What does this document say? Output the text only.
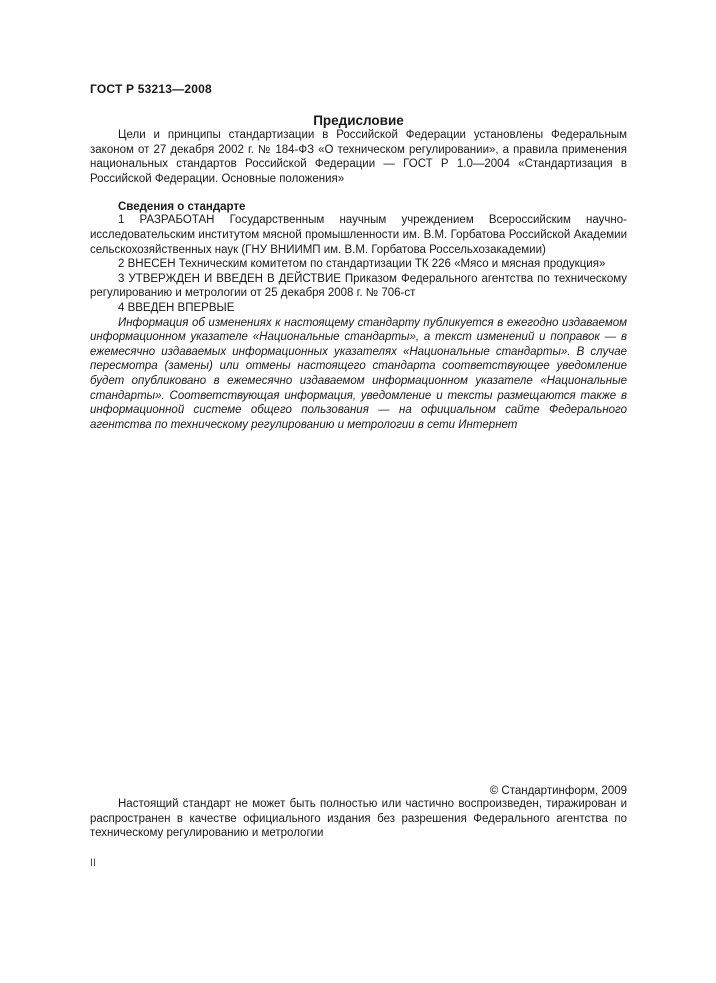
ГОСТ Р 53213—2008
Предисловие

Цели и принципы стандартизации в Российской Федерации установлены Федеральным законом от 27 декабря 2002 г. № 184-ФЗ «О техническом регулировании», а правила применения национальных стандартов Российской Федерации — ГОСТ Р 1.0—2004 «Стандартизация в Российской Федерации. Основные положения»

Сведения о стандарте

1 РАЗРАБОТАН Государственным научным учреждением Всероссийским научно-исследовательским институтом мясной промышленности им. В.М. Горбатова Российской Академии сельскохозяйственных наук (ГНУ ВНИИМП им. В.М. Горбатова Россельхозакадемии)

2 ВНЕСЕН Техническим комитетом по стандартизации ТК 226 «Мясо и мясная продукция»

3 УТВЕРЖДЕН И ВВЕДЕН В ДЕЙСТВИЕ Приказом Федерального агентства по техническому регулированию и метрологии от 25 декабря 2008 г. № 706-ст

4 ВВЕДЕН ВПЕРВЫЕ

Информация об изменениях к настоящему стандарту публикуется в ежегодно издаваемом информационном указателе «Национальные стандарты», а текст изменений и поправок — в ежемесячно издаваемых информационных указателях «Национальные стандарты». В случае пересмотра (замены) или отмены настоящего стандарта соответствующее уведомление будет опубликовано в ежемесячно издаваемом информационном указателе «Национальные стандарты». Соответствующая информация, уведомление и тексты размещаются также в информационной системе общего пользования — на официальном сайте Федерального агентства по техническому регулированию и метрологии в сети Интернет

© Стандартинформ, 2009

Настоящий стандарт не может быть полностью или частично воспроизведен, тиражирован и распространен в качестве официального издания без разрешения Федерального агентства по техническому регулированию и метрологии

II
